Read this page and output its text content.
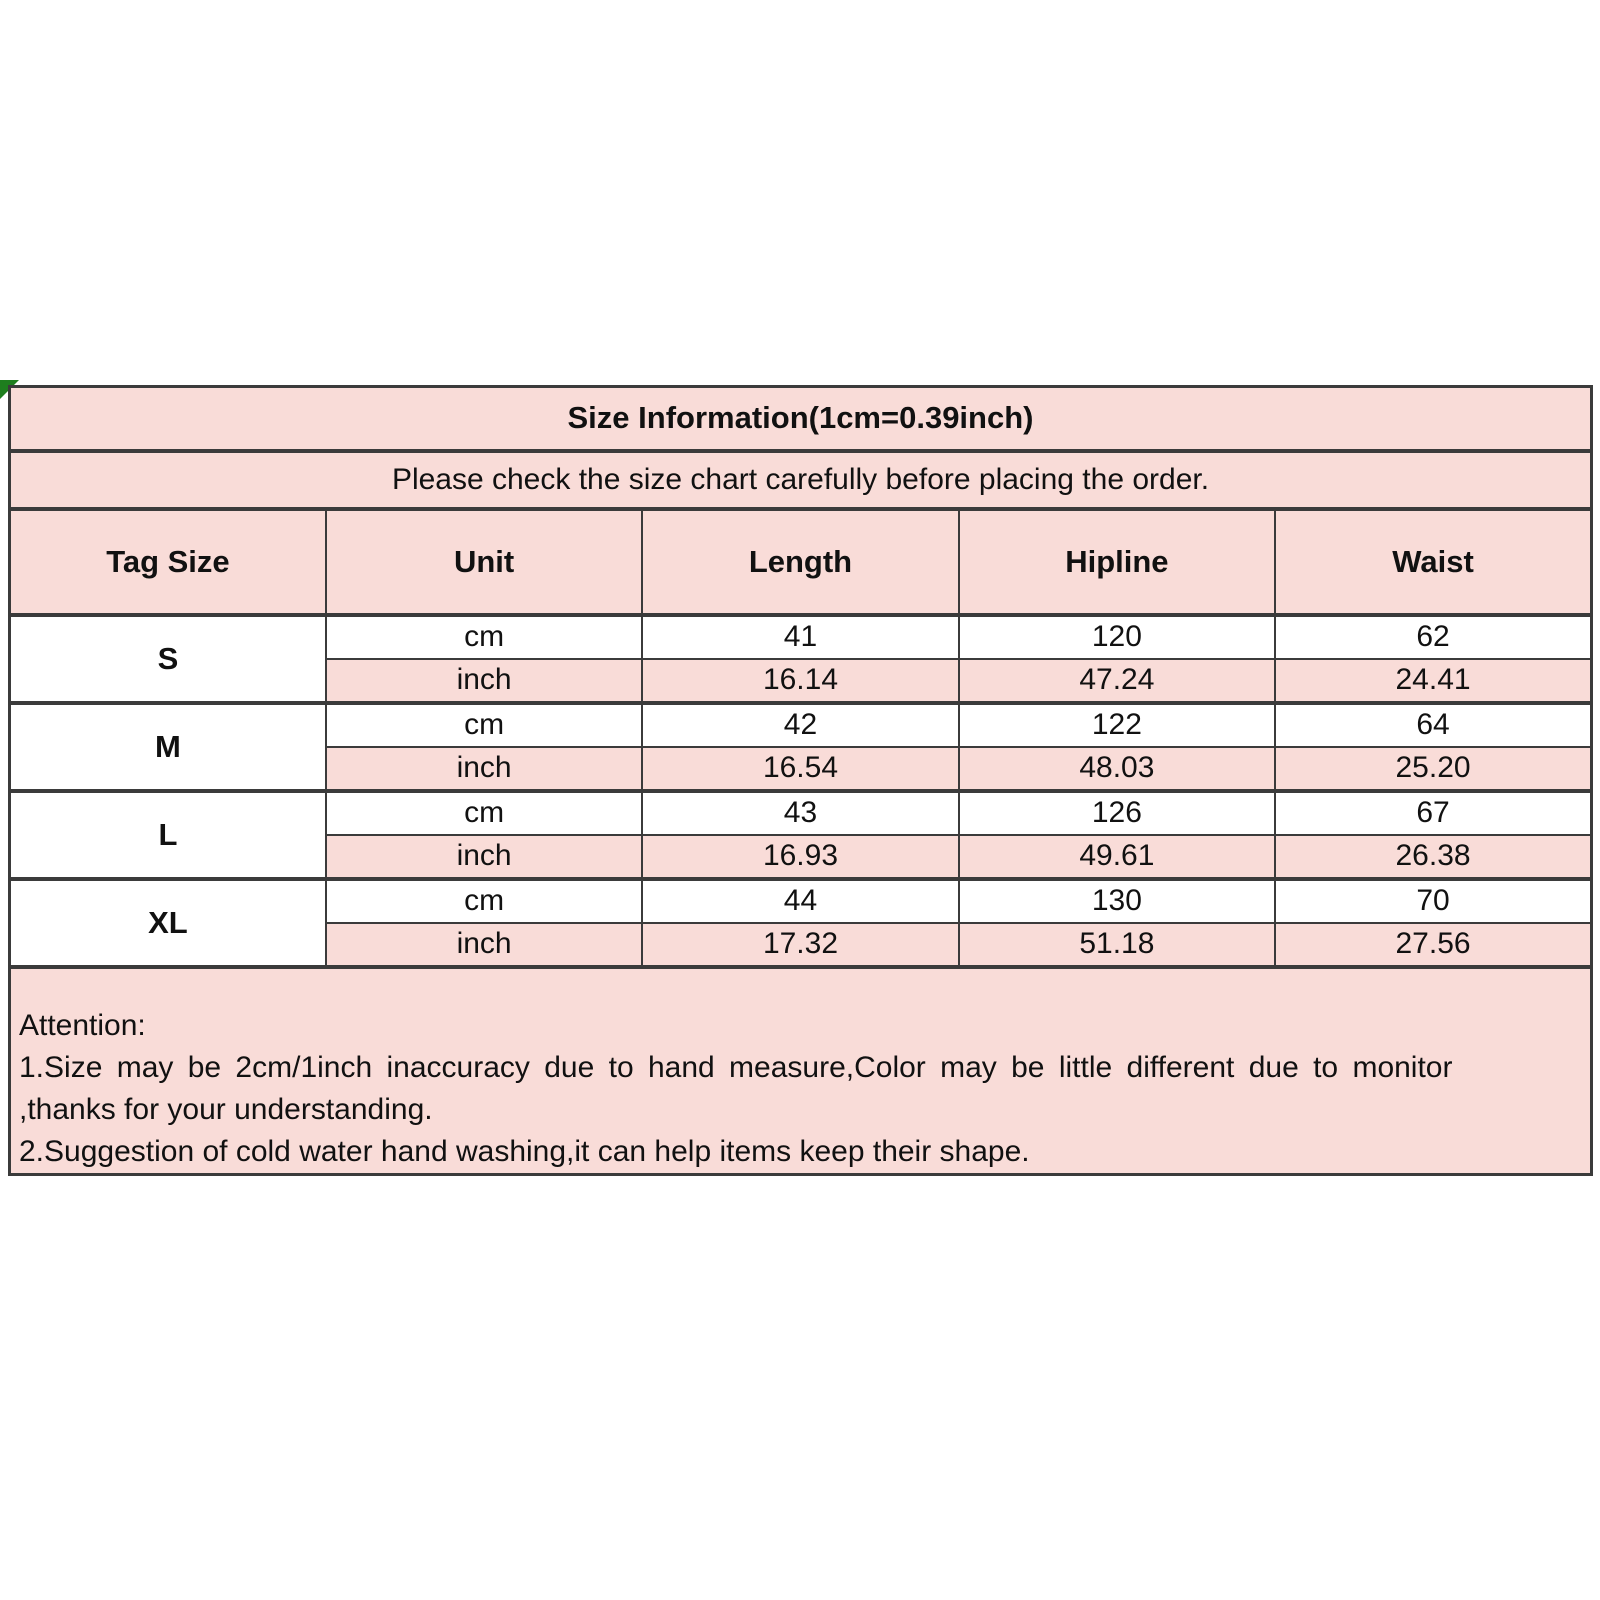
Size Information(1cm=0.39inch)				
Please check the size chart carefully before placing the order.				
Tag Size	Unit	Length	Hipline	Waist
S	cm	41	120	62
	inch	16.14	47.24	24.41
M	cm	42	122	64
	inch	16.54	48.03	25.20
L	cm	43	126	67
	inch	16.93	49.61	26.38
XL	cm	44	130	70
	inch	17.32	51.18	27.56

Attention:
1.Size may be 2cm/1inch inaccuracy due to hand measure,Color may be little different due to monitor
,thanks for your understanding.
2.Suggestion of cold water hand washing,it can help items keep their shape.				
